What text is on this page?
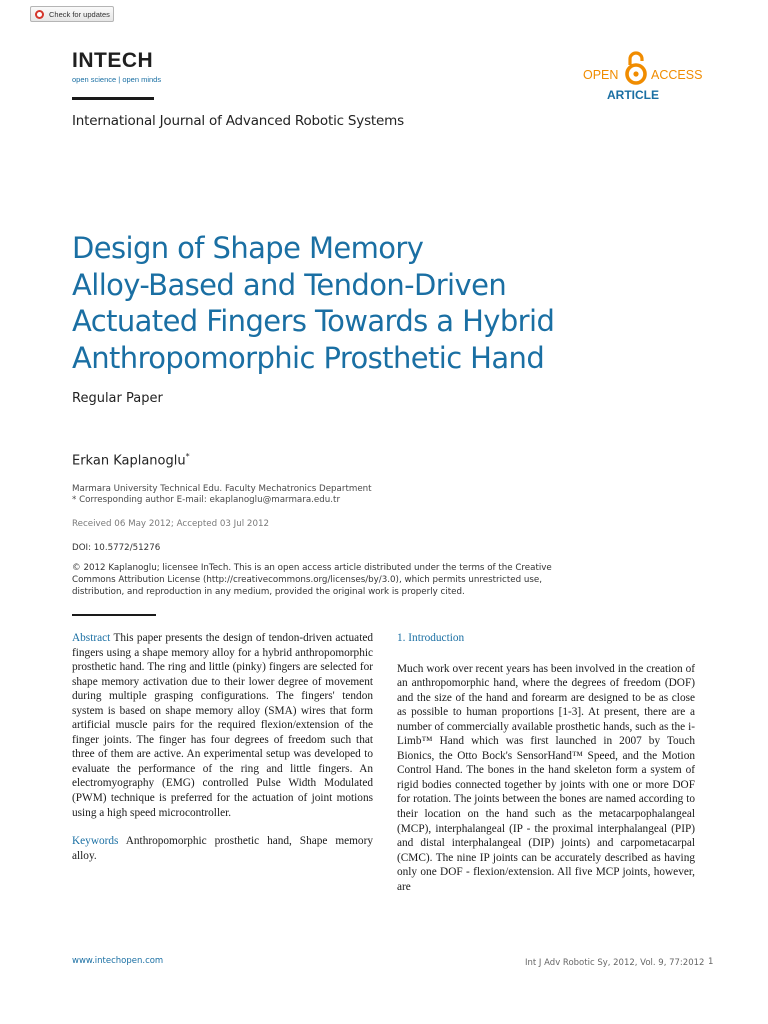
Check for updates
INTECH
open science | open minds	OPEN	ACCESS
ARTICLE
International Journal of Advanced Robotic Systems
Design of Shape Memory
Alloy-Based and Tendon-Driven
Actuated Fingers Towards a Hybrid
Anthropomorphic Prosthetic Hand
Regular Paper
Erkan Kaplanoglu*
Marmara University Technical Edu. Faculty Mechatronics Department
* Corresponding author E-mail: ekaplanoglu@marmara.edu.tr
Received 06 May 2012; Accepted 03 Jul 2012
DOI: 10.5772/51276
© 2012 Kaplanoglu; licensee InTech. This is an open access article distributed under the terms of the Creative
Commons Attribution License (http://creativecommons.org/licenses/by/3.0), which permits unrestricted use,
distribution, and reproduction in any medium, provided the original work is properly cited.

Abstract This paper presents the design of tendon-driven actuated fingers using a shape memory alloy for a hybrid anthropomorphic prosthetic hand. The ring and little (pinky) fingers are selected for shape memory activation due to their lower degree of movement during multiple grasping configurations. The fingers' tendon system is based on shape memory alloy (SMA) wires that form artificial muscle pairs for the required flexion/extension of the finger joints. The finger has four degrees of freedom such that three of them are active. An experimental setup was developed to evaluate the performance of the ring and little fingers. An electromyography (EMG) controlled Pulse Width Modulated (PWM) technique is preferred for the actuation of joint motions using a high speed microcontroller.

Keywords Anthropomorphic prosthetic hand, Shape memory alloy.

1. Introduction

Much work over recent years has been involved in the creation of an anthropomorphic hand, where the degrees of freedom (DOF) and the size of the hand and forearm are designed to be as close as possible to human proportions [1-3]. At present, there are a number of commercially available prosthetic hands, such as the i-Limb™ Hand which was first launched in 2007 by Touch Bionics, the Otto Bock's SensorHand™ Speed, and the Motion Control Hand. The bones in the hand skeleton form a system of rigid bodies connected together by joints with one or more DOF for rotation. The joints between the bones are named according to their location on the hand such as the metacarpophalangeal (MCP), interphalangeal (IP - the proximal interphalangeal (PIP) and distal interphalangeal (DIP) joints) and carpometacarpal (CMC). The nine IP joints can be accurately described as having only one DOF - flexion/extension. All five MCP joints, however, are

www.intechopen.com	Int J Adv Robotic Sy, 2012, Vol. 9, 77:2012 1
